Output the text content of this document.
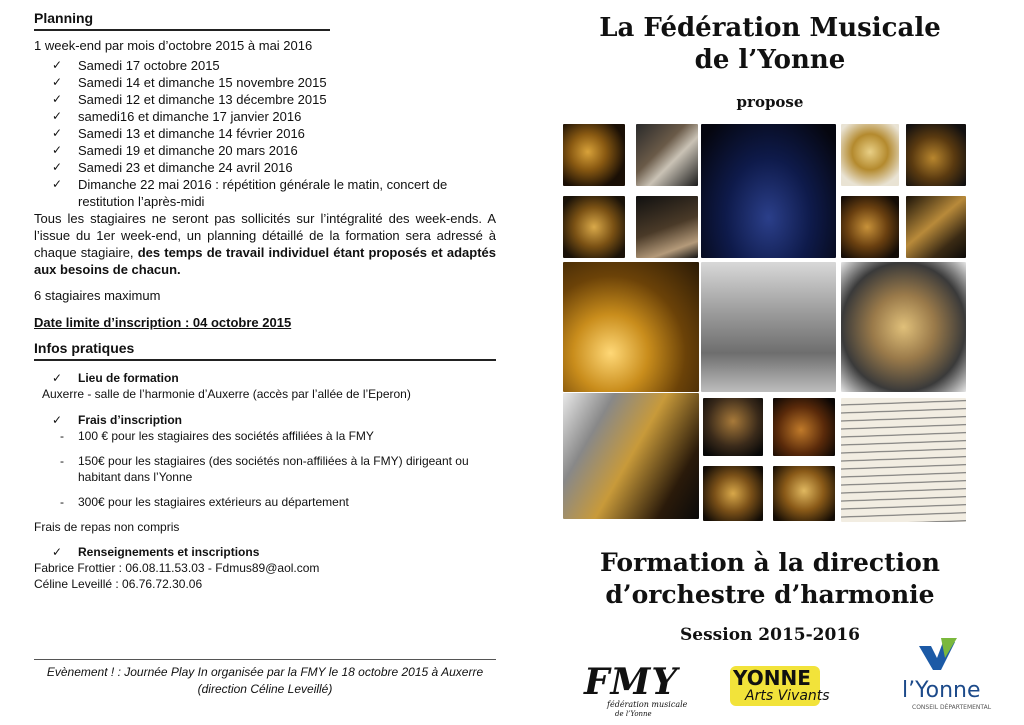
Planning

1 week-end par mois d’octobre 2015 à mai 2016
✓ Samedi 17 octobre 2015
✓ Samedi 14 et dimanche 15 novembre 2015
✓ Samedi 12 et dimanche 13 décembre 2015
✓ samedi16 et dimanche 17 janvier 2016
✓ Samedi 13 et dimanche 14 février 2016
✓ Samedi 19 et dimanche 20 mars 2016
✓ Samedi 23 et dimanche 24 avril 2016
✓ Dimanche 22 mai 2016 : répétition générale le matin, concert de restitution l’après-midi

Tous les stagiaires ne seront pas sollicités sur l’intégralité des week-ends. A l’issue du 1er week-end, un planning détaillé de la formation sera adressé à chaque stagiaire, des temps de travail individuel étant proposés et adaptés aux besoins de chacun.

6 stagiaires maximum
Date limite d’inscription : 04 octobre 2015

Infos pratiques

✓ Lieu de formation
Auxerre - salle de l’harmonie d’Auxerre (accès par l’allée de l’Eperon)
✓ Frais d’inscription
- 100 € pour les stagiaires des sociétés affiliées à la FMY
- 150€ pour les stagiaires (des sociétés non-affiliées à la FMY) dirigeant ou habitant dans l’Yonne
- 300€ pour les stagiaires extérieurs au département
Frais de repas non compris
✓ Renseignements et inscriptions
Fabrice Frottier : 06.08.11.53.03 - Fdmus89@aol.com
Céline Leveillé : 06.76.72.30.06
Evènement ! : Journée Play In organisée par la FMY le 18 octobre 2015 à Auxerre
(direction Céline Leveillé)
La Fédération Musicale
de l’Yonne
propose
Formation à la direction
d’orchestre d’harmonie
Session 2015-2016
FMY
fédération musicale
de l’Yonne
YONNE
Arts Vivants	l’Yonne
CONSEIL DÉPARTEMENTAL
